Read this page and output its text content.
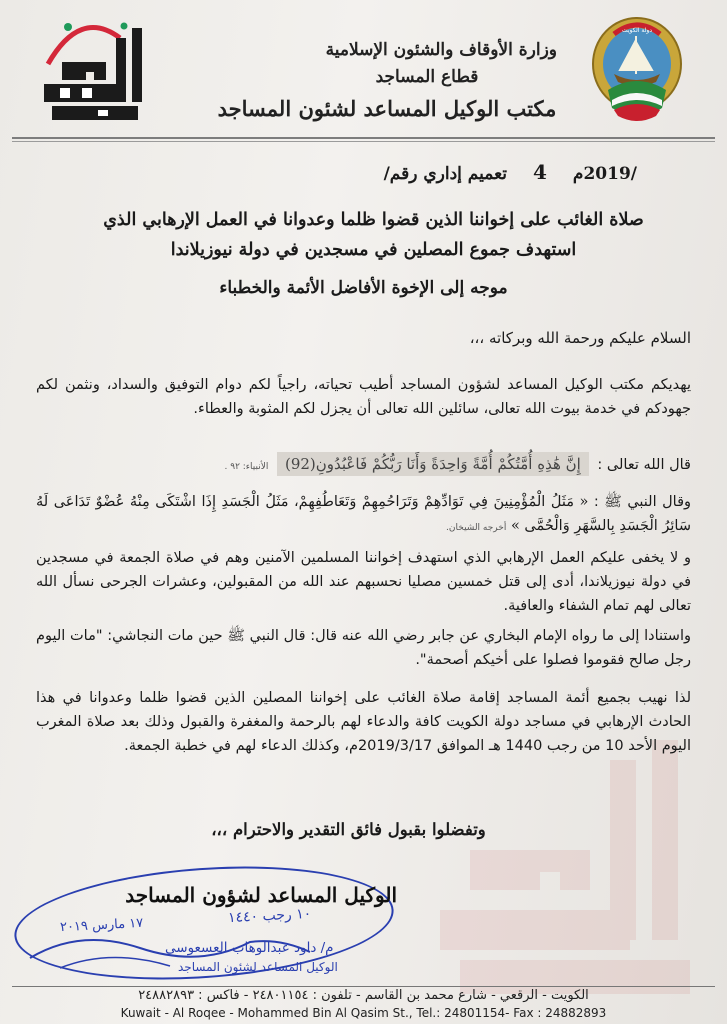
دولة الكويت
وزارة الأوقاف والشئون الإسلامية
قطاع المساجد
مكتب الوكيل المساعد لشئون المساجد
تعميم إداري رقم/ 4 /2019م
صلاة الغائب على إخواننا الذين قضوا ظلما وعدوانا في العمل الإرهابي الذي
استهدف جموع المصلين في مسجدين في دولة نيوزيلاندا
موجه إلى الإخوة الأفاضل الأئمة والخطباء
السلام عليكم ورحمة الله وبركاته ،،،
يهديكم مكتب الوكيل المساعد لشؤون المساجد أطيب تحياته، راجياً لكم دوام التوفيق والسداد، ونثمن لكم جهودكم في خدمة بيوت الله تعالى، سائلين الله تعالى أن يجزل لكم المثوبة والعطاء.
قال الله تعالى : إِنَّ هَٰذِهِ أُمَّتُكُمْ أُمَّةً وَاحِدَةً وَأَنَا رَبُّكُمْ فَاعْبُدُونِ(92) الأنبياء: ٩٢ .
وقال النبي ﷺ : « مَثَلُ الْمُؤْمِنِينَ فِي تَوَادِّهِمْ وَتَرَاحُمِهِمْ وَتَعَاطُفِهِمْ، مَثَلُ الْجَسَدِ إِذَا اشْتَكَى مِنْهُ عُضْوٌ تَدَاعَى لَهُ سَائِرُ الْجَسَدِ بِالسَّهَرِ وَالْحُمَّى » أخرجه الشيخان.
و لا يخفى عليكم العمل الإرهابي الذي استهدف إخواننا المسلمين الآمنين وهم في صلاة الجمعة في مسجدين في دولة نيوزيلاندا، أدى إلى قتل خمسين مصليا نحسبهم عند الله من المقبولين، وعشرات الجرحى نسأل الله تعالى لهم تمام الشفاء والعافية.
واستنادا إلى ما رواه الإمام البخاري عن جابر رضي الله عنه قال: قال النبي ﷺ حين مات النجاشي: "مات اليوم رجل صالح فقوموا فصلوا على أخيكم أصحمة".
لذا نهيب بجميع أئمة المساجد إقامة صلاة الغائب على إخواننا المصلين الذين قضوا ظلما وعدوانا في هذا الحادث الإرهابي في مساجد دولة الكويت كافة والدعاء لهم بالرحمة والمغفرة والقبول وذلك بعد صلاة المغرب اليوم الأحد 10 من رجب 1440 هـ الموافق 2019/3/17م، وكذلك الدعاء لهم في خطبة الجمعة.
وتفضلوا بقبول فائق التقدير والاحترام ،،،
الوكيل المساعد لشؤون المساجد
١٠ رجب ١٤٤٠
١٧ مارس ٢٠١٩
م/ داود عبدالوهاب العسعوسي
الوكيل المساعد لشئون المساجد
الكويت - الرقعي - شارع محمد بن القاسم - تلفون : ٢٤٨٠١١٥٤ - فاكس : ٢٤٨٨٢٨٩٣
Kuwait - Al Roqee - Mohammed Bin Al Qasim St., Tel.: 24801154- Fax : 24882893
